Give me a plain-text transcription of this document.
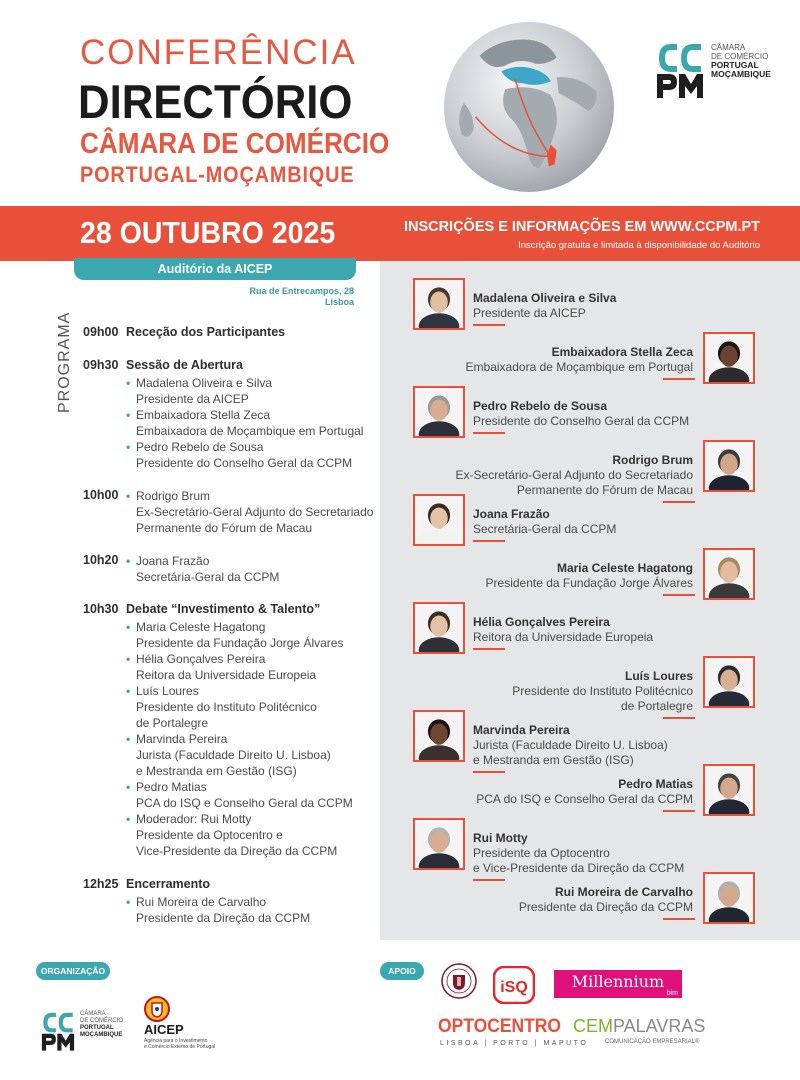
CONFERÊNCIA
DIRECTÓRIO
CÂMARA DE COMÉRCIO
PORTUGAL-MOÇAMBIQUE
CÂMARA
DE COMÉRCIO
PORTUGAL
MOÇAMBIQUE
28 OUTUBRO 2025	INSCRIÇÕES E INFORMAÇÕES EM WWW.CCPM.PT
Inscrição gratuita e limitada à disponibilidade do Auditório
Auditório da AICEP
Rua de Entrecampos, 28
Lisboa
PROGRAMA 09h00 Receção dos Participantes
09h30 Sessão de Abertura
• Madalena Oliveira e Silva
Presidente da AICEP
• Embaixadora Stella Zeca
Embaixadora de Moçambique em Portugal
• Pedro Rebelo de Sousa
Presidente do Conselho Geral da CCPM
10h00 • Rodrigo Brum
Ex-Secretário-Geral Adjunto do Secretariado
Permanente do Fórum de Macau
10h20 • Joana Frazão
Secretária-Geral da CCPM
10h30 Debate “Investimento & Talento”
• Maria Celeste Hagatong
Presidente da Fundação Jorge Álvares
• Hélia Gonçalves Pereira
Reitora da Universidade Europeia
• Luís Loures
Presidente do Instituto Politécnico
de Portalegre
• Marvinda Pereira
Jurista (Faculdade Direito U. Lisboa)
e Mestranda em Gestão (ISG)
• Pedro Matias
PCA do ISQ e Conselho Geral da CCPM
• Moderador: Rui Motty
Presidente da Optocentro e
Vice-Presidente da Direção da CCPM
12h25 Encerramento
• Rui Moreira de Carvalho
Presidente da Direção da CCPM
Madalena Oliveira e Silva
Presidente da AICEP
Embaixadora Stella Zeca
Embaixadora de Moçambique em Portugal
Pedro Rebelo de Sousa
Presidente do Conselho Geral da CCPM
Rodrigo Brum
Ex-Secretário-Geral Adjunto do Secretariado
Permanente do Fórum de Macau
Joana Frazão
Secretária-Geral da CCPM
Maria Celeste Hagatong
Presidente da Fundação Jorge Álvares
Hélia Gonçalves Pereira
Reitora da Universidade Europeia
Luís Loures
Presidente do Instituto Politécnico
de Portalegre
Marvinda Pereira
Jurista (Faculdade Direito U. Lisboa)
e Mestranda em Gestão (ISG)
Pedro Matias
PCA do ISQ e Conselho Geral da CCPM
Rui Motty
Presidente da Optocentro
e Vice-Presidente da Direção da CCPM
Rui Moreira de Carvalho
Presidente da Direção da CCPM
ORGANIZAÇÃO	APOIO
CÂMARA
DE COMÉRCIO
PORTUGAL
MOÇAMBIQUE AICEP
Agência para o Investimento
e Comércio Externo de Portugal
iSQ	Millennium
bim
OPTOCENTRO
LISBOA | PORTO | MAPUTO
CEMPALAVRAS
COMUNICAÇÃO EMPRESARIAL®
